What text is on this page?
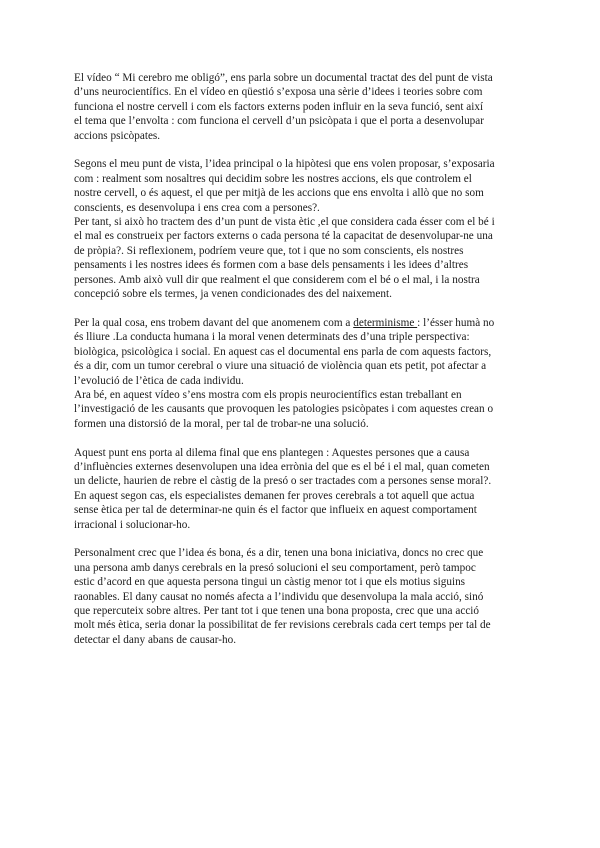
El vídeo “ Mi cerebro me obligó”, ens parla sobre un documental tractat des del punt de vista
d’uns neurocientífics. En el vídeo en qüestió s’exposa una sèrie d’idees i teories sobre com
funciona el nostre cervell i com els factors externs poden influir en la seva funció, sent així
el tema que l’envolta : com funciona el cervell d’un psicòpata i que el porta a desenvolupar
accions psicòpates.
Segons el meu punt de vista, l’idea principal o la hipòtesi que ens volen proposar, s’exposaria
com : realment som nosaltres qui decidim sobre les nostres accions, els que controlem el
nostre cervell, o és aquest, el que per mitjà de les accions que ens envolta i allò que no som
conscients, es desenvolupa i ens crea com a persones?.
Per tant, si això ho tractem des d’un punt de vista ètic ,el que considera cada ésser com el bé i
el mal es construeix per factors externs o cada persona té la capacitat de desenvolupar-ne una
de pròpia?. Si reflexionem, podríem veure que, tot i que no som conscients, els nostres
pensaments i les nostres idees és formen com a base dels pensaments i les idees d’altres
persones. Amb això vull dir que realment el que considerem com el bé o el mal, i la nostra
concepció sobre els termes, ja venen condicionades des del naixement.
Per la qual cosa, ens trobem davant del que anomenem com a determinisme : l’ésser humà no
és lliure .La conducta humana i la moral venen determinats des d’una triple perspectiva:
biològica, psicològica i social. En aquest cas el documental ens parla de com aquests factors,
és a dir, com un tumor cerebral o viure una situació de violència quan ets petit, pot afectar a
l’evolució de l’ètica de cada individu.
Ara bé, en aquest vídeo s’ens mostra com els propis neurocientífics estan treballant en
l’investigació de les causants que provoquen les patologies psicòpates i com aquestes crean o
formen una distorsió de la moral, per tal de trobar-ne una solució.
Aquest punt ens porta al dilema final que ens plantegen : Aquestes persones que a causa
d’influències externes desenvolupen una idea errònia del que es el bé i el mal, quan cometen
un delicte, haurien de rebre el càstig de la presó o ser tractades com a persones sense moral?.
En aquest segon cas, els especialistes demanen fer proves cerebrals a tot aquell que actua
sense ètica per tal de determinar-ne quin és el factor que influeix en aquest comportament
irracional i solucionar-ho.
Personalment crec que l’idea és bona, és a dir, tenen una bona iniciativa, doncs no crec que
una persona amb danys cerebrals en la presó solucioni el seu comportament, però tampoc
estic d’acord en que aquesta persona tingui un càstig menor tot i que els motius siguins
raonables. El dany causat no només afecta a l’individu que desenvolupa la mala acció, sinó
que repercuteix sobre altres. Per tant tot i que tenen una bona proposta, crec que una acció
molt més ètica, seria donar la possibilitat de fer revisions cerebrals cada cert temps per tal de
detectar el dany abans de causar-ho.
